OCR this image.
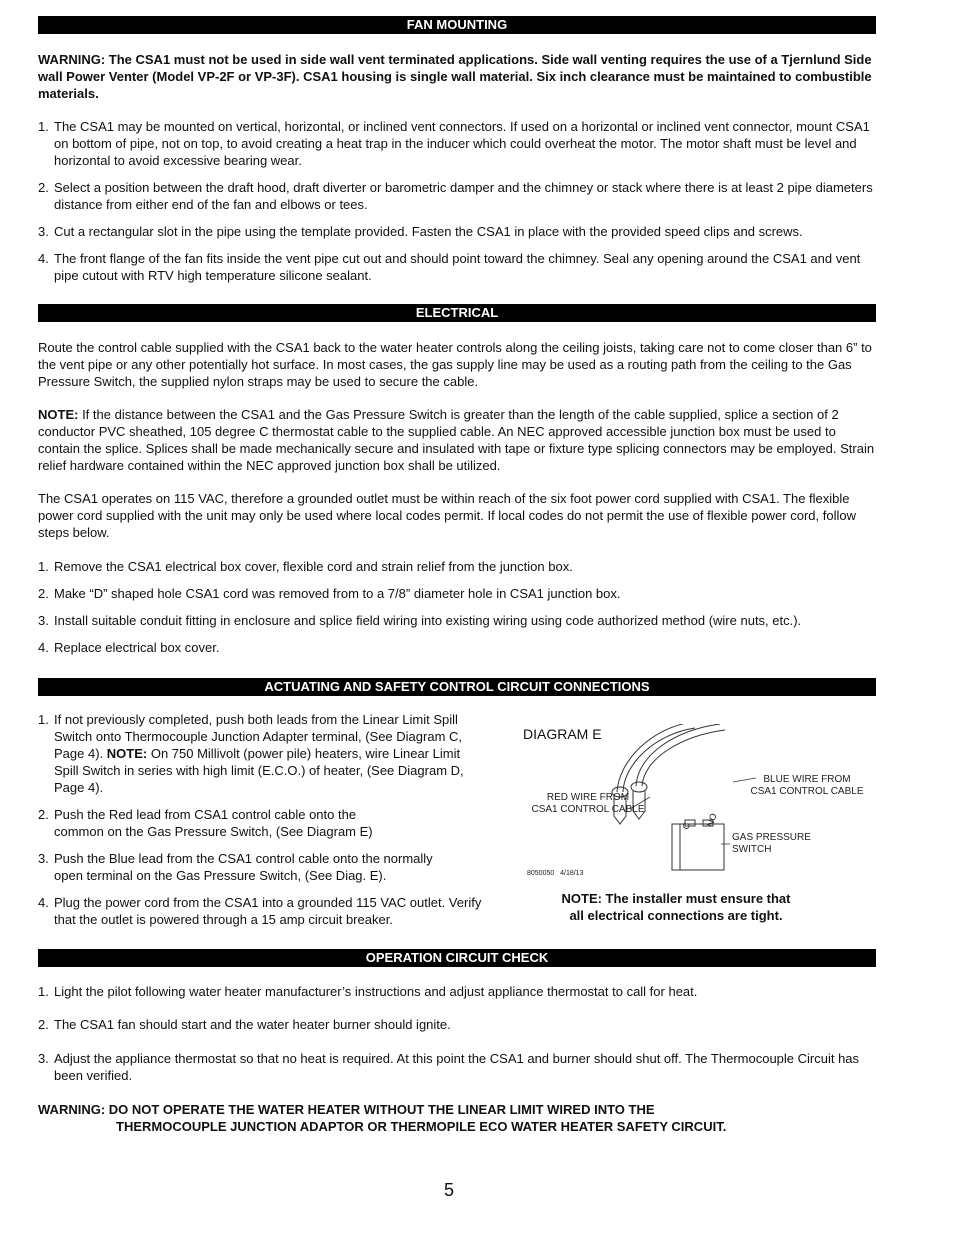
FAN MOUNTING
WARNING: The CSA1 must not be used in side wall vent terminated applications. Side wall venting requires the use of a Tjernlund Side wall Power Venter (Model VP-2F or VP-3F). CSA1 housing is single wall material. Six inch clearance must be maintained to combustible materials.
1. The CSA1 may be mounted on vertical, horizontal, or inclined vent connectors. If used on a horizontal or inclined vent connector, mount CSA1 on bottom of pipe, not on top, to avoid creating a heat trap in the inducer which could overheat the motor. The motor shaft must be level and horizontal to avoid excessive bearing wear.
2. Select a position between the draft hood, draft diverter or barometric damper and the chimney or stack where there is at least 2 pipe diameters distance from either end of the fan and elbows or tees.
3. Cut a rectangular slot in the pipe using the template provided. Fasten the CSA1 in place with the provided speed clips and screws.
4. The front flange of the fan fits inside the vent pipe cut out and should point toward the chimney. Seal any opening around the CSA1 and vent pipe cutout with RTV high temperature silicone sealant.
ELECTRICAL
Route the control cable supplied with the CSA1 back to the water heater controls along the ceiling joists, taking care not to come closer than 6” to the vent pipe or any other potentially hot surface. In most cases, the gas supply line may be used as a routing path from the ceiling to the Gas Pressure Switch, the supplied nylon straps may be used to secure the cable.
NOTE: If the distance between the CSA1 and the Gas Pressure Switch is greater than the length of the cable supplied, splice a section of 2 conductor PVC sheathed, 105 degree C thermostat cable to the supplied cable. An NEC approved accessible junction box must be used to contain the splice. Splices shall be made mechanically secure and insulated with tape or fixture type splicing connectors may be employed. Strain relief hardware contained within the NEC approved junction box shall be utilized.
The CSA1 operates on 115 VAC, therefore a grounded outlet must be within reach of the six foot power cord supplied with CSA1. The flexible power cord supplied with the unit may only be used where local codes permit. If local codes do not permit the use of flexible power cord, follow steps below.
1. Remove the CSA1 electrical box cover, flexible cord and strain relief from the junction box.
2. Make “D” shaped hole CSA1 cord was removed from to a 7/8” diameter hole in CSA1 junction box.
3. Install suitable conduit fitting in enclosure and splice field wiring into existing wiring using code authorized method (wire nuts, etc.).
4. Replace electrical box cover.
ACTUATING AND SAFETY CONTROL CIRCUIT CONNECTIONS
1. If not previously completed, push both leads from the Linear Limit Spill Switch onto Thermocouple Junction Adapter terminal, (See Diagram C, Page 4). NOTE: On 750 Millivolt (power pile) heaters, wire Linear Limit Spill Switch in series with high limit (E.C.O.) of heater, (See Diagram D, Page 4).
2. Push the Red lead from CSA1 control cable onto the common on the Gas Pressure Switch, (See Diagram E)
3. Push the Blue lead from the CSA1 control cable onto the normally open terminal on the Gas Pressure Switch, (See Diag. E).
4. Plug the power cord from the CSA1 into a grounded 115 VAC outlet. Verify that the outlet is powered through a 15 amp circuit breaker.
DIAGRAM E
C NO
RED WIRE FROM
CSA1 CONTROL CABLE
BLUE WIRE FROM
CSA1 CONTROL CABLE
GAS PRESSURE
SWITCH
8050050 4/18/13
NOTE: The installer must ensure that
all electrical connections are tight.
OPERATION CIRCUIT CHECK
1. Light the pilot following water heater manufacturer’s instructions and adjust appliance thermostat to call for heat.
2. The CSA1 fan should start and the water heater burner should ignite.
3. Adjust the appliance thermostat so that no heat is required. At this point the CSA1 and burner should shut off. The Thermocouple Circuit has been verified.
WARNING: DO NOT OPERATE THE WATER HEATER WITHOUT THE LINEAR LIMIT WIRED INTO THE
THERMOCOUPLE JUNCTION ADAPTOR OR THERMOPILE ECO WATER HEATER SAFETY CIRCUIT.
5
